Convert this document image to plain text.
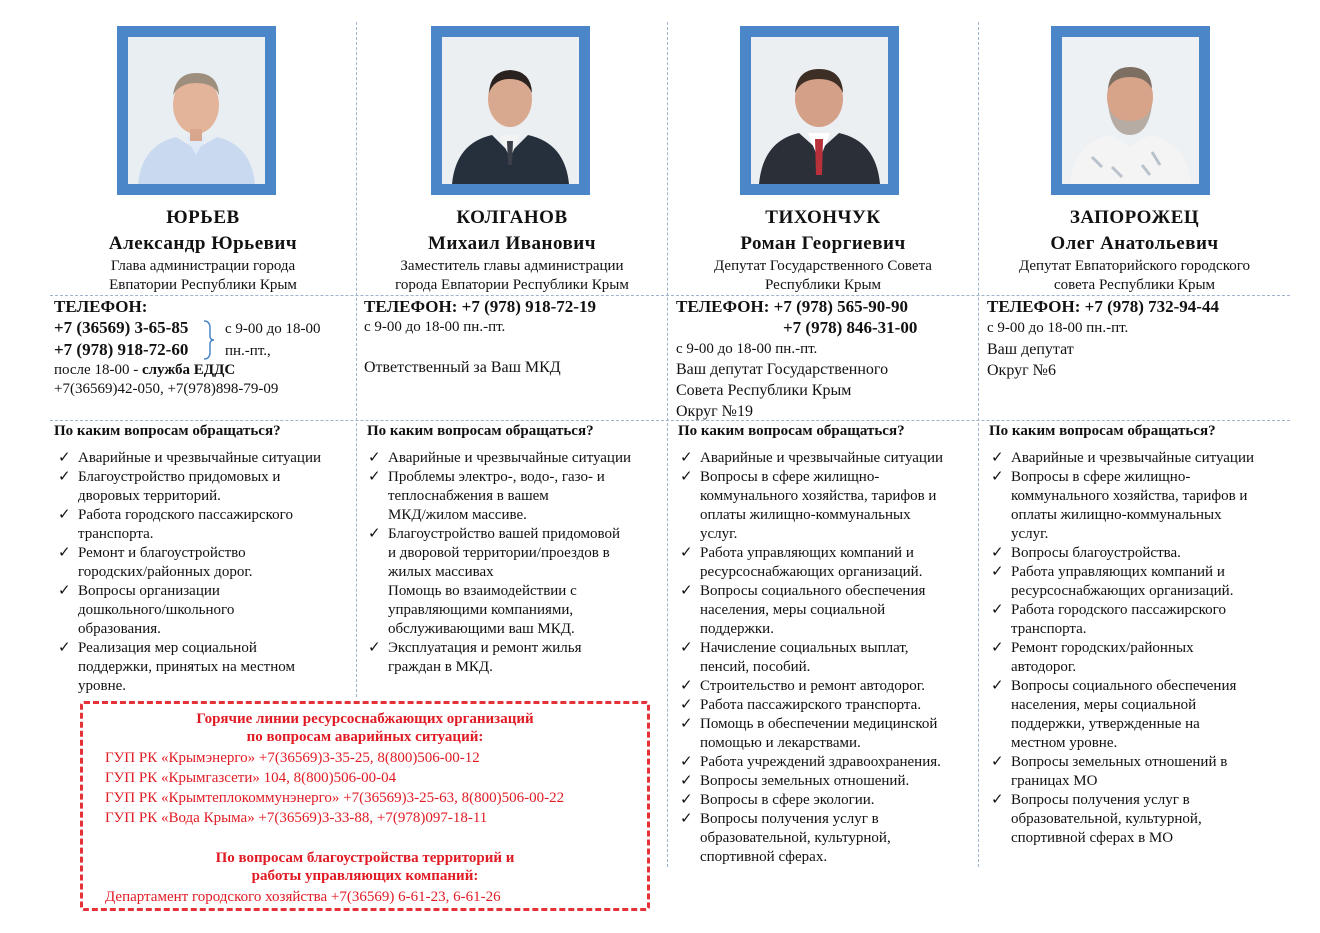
ЮРЬЕВ
Александр Юрьевич
Глава администрации города
Евпатории Республики Крым
ТЕЛЕФОН:
+7 (36569) 3-65-85
+7 (978) 918-72-60
с 9-00 до 18-00
пн.-пт.,
после 18-00 - служба ЕДДС
+7(36569)42-050, +7(978)898-79-09
По каким вопросам обращаться?
✓ Аварийные и чрезвычайные ситуации
✓ Благоустройство придомовых и
дворовых территорий.
✓ Работа городского пассажирского
транспорта.
✓ Ремонт и благоустройство
городских/районных дорог.
✓ Вопросы организации
дошкольного/школьного
образования.
✓ Реализация мер социальной
поддержки, принятых на местном
уровне.
КОЛГАНОВ
Михаил Иванович
Заместитель главы администрации
города Евпатории Республики Крым
ТЕЛЕФОН: +7 (978) 918-72-19
с 9-00 до 18-00 пн.-пт.
Ответственный за Ваш МКД
По каким вопросам обращаться?
✓ Аварийные и чрезвычайные ситуации
✓ Проблемы электро-, водо-, газо- и
теплоснабжения в вашем
МКД/жилом массиве.
✓ Благоустройство вашей придомовой
и дворовой территории/проездов в
жилых массивах
Помощь во взаимодействии с
управляющими компаниями,
обслуживающими ваш МКД.
✓ Эксплуатация и ремонт жилья
граждан в МКД.
ТИХОНЧУК
Роман Георгиевич
Депутат Государственного Совета
Республики Крым
ТЕЛЕФОН: +7 (978) 565-90-90
+7 (978) 846-31-00
с 9-00 до 18-00 пн.-пт.
Ваш депутат Государственного
Совета Республики Крым
Округ №19
По каким вопросам обращаться?
✓ Аварийные и чрезвычайные ситуации
✓ Вопросы в сфере жилищно-
коммунального хозяйства, тарифов и
оплаты жилищно-коммунальных
услуг.
✓ Работа управляющих компаний и
ресурсоснабжающих организаций.
✓ Вопросы социального обеспечения
населения, меры социальной
поддержки.
✓ Начисление социальных выплат,
пенсий, пособий.
✓ Строительство и ремонт автодорог.
✓ Работа пассажирского транспорта.
✓ Помощь в обеспечении медицинской
помощью и лекарствами.
✓ Работа учреждений здравоохранения.
✓ Вопросы земельных отношений.
✓ Вопросы в сфере экологии.
✓ Вопросы получения услуг в
образовательной, культурной,
спортивной сферах.
ЗАПОРОЖЕЦ
Олег Анатольевич
Депутат Евпаторийского городского
совета Республики Крым
ТЕЛЕФОН: +7 (978) 732-94-44
с 9-00 до 18-00 пн.-пт.
Ваш депутат
Округ №6
По каким вопросам обращаться?
✓ Аварийные и чрезвычайные ситуации
✓ Вопросы в сфере жилищно-
коммунального хозяйства, тарифов и
оплаты жилищно-коммунальных
услуг.
✓ Вопросы благоустройства.
✓ Работа управляющих компаний и
ресурсоснабжающих организаций.
✓ Работа городского пассажирского
транспорта.
✓ Ремонт городских/районных
автодорог.
✓ Вопросы социального обеспечения
населения, меры социальной
поддержки, утвержденные на
местном уровне.
✓ Вопросы земельных отношений в
границах МО
✓ Вопросы получения услуг в
образовательной, культурной,
спортивной сферах в МО
Горячие линии ресурсоснабжающих организаций
по вопросам аварийных ситуаций:
ГУП РК «Крымэнерго» +7(36569)3-35-25, 8(800)506-00-12
ГУП РК «Крымгазсети» 104, 8(800)506-00-04
ГУП РК «Крымтеплокоммунэнерго» +7(36569)3-25-63, 8(800)506-00-22
ГУП РК «Вода Крыма» +7(36569)3-33-88, +7(978)097-18-11
По вопросам благоустройства территорий и
работы управляющих компаний:
Департамент городского хозяйства +7(36569) 6-61-23, 6-61-26
